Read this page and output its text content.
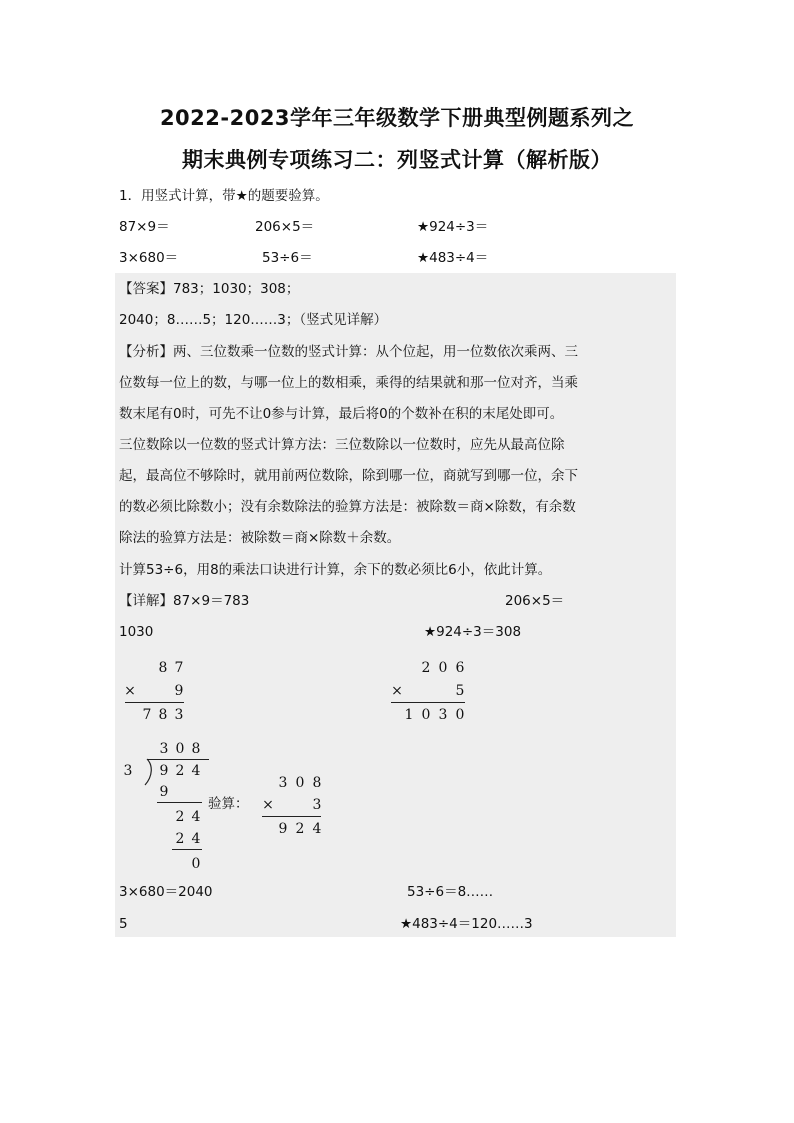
2022-2023学年三年级数学下册典型例题系列之
期末典例专项练习二：列竖式计算（解析版）
1．用竖式计算，带★的题要验算。
87×9＝	206×5＝	★924÷3＝
3×680＝	53÷6＝	★483÷4＝
【答案】783；1030；308；
2040；8……5；120……3；（竖式见详解）
【分析】两、三位数乘一位数的竖式计算：从个位起，用一位数依次乘两、三
位数每一位上的数，与哪一位上的数相乘，乘得的结果就和那一位对齐，当乘
数末尾有0时，可先不让0参与计算，最后将0的个数补在积的末尾处即可。
三位数除以一位数的竖式计算方法：三位数除以一位数时，应先从最高位除
起，最高位不够除时，就用前两位数除，除到哪一位，商就写到哪一位，余下
的数必须比除数小；没有余数除法的验算方法是：被除数＝商×除数，有余数
除法的验算方法是：被除数＝商×除数＋余数。
计算53÷6，用8的乘法口诀进行计算，余下的数必须比6小，依此计算。
【详解】87×9＝783	206×5＝
1030	★924÷3＝308
8 7
×	9
7 8 3
2 0 6
×	5
1 0 3 0
3 0 8
3 9 2 4
9
2 4
2 4
0
验算：
3 0 8
×	3
9 2 4
3×680＝2040	53÷6＝8……
5	★483÷4＝120……3
